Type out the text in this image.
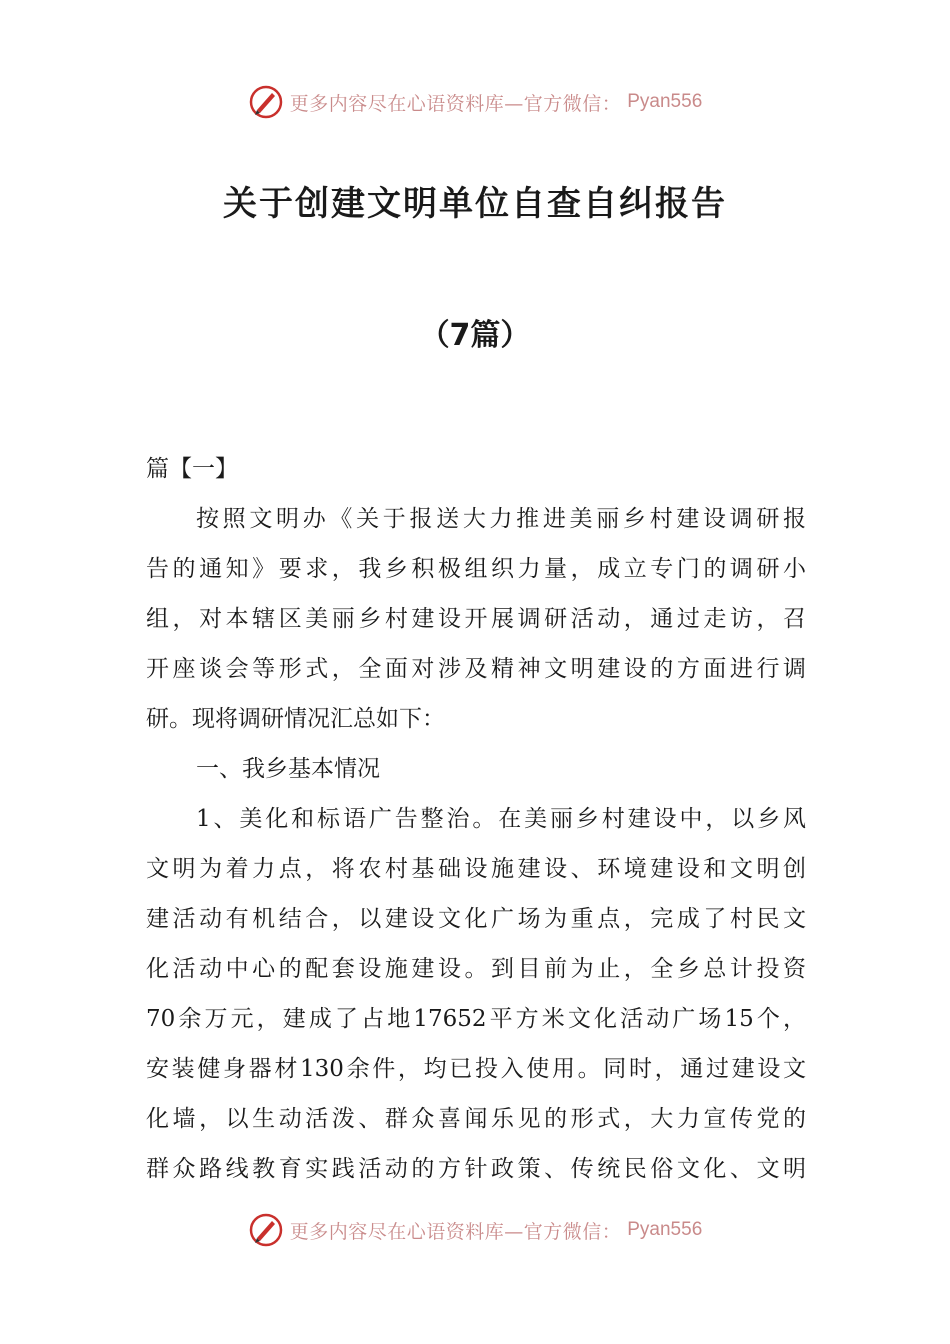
更多内容尽在心语资料库—官方微信： Pyan556
关于创建文明单位自查自纠报告
（7篇）
篇【一】
按照文明办《关于报送大力推进美丽乡村建设调研报
告的通知》要求，我乡积极组织力量，成立专门的调研小
组，对本辖区美丽乡村建设开展调研活动，通过走访，召
开座谈会等形式，全面对涉及精神文明建设的方面进行调
研。现将调研情况汇总如下：
一、我乡基本情况
1、美化和标语广告整治。在美丽乡村建设中，以乡风
文明为着力点，将农村基础设施建设、环境建设和文明创
建活动有机结合，以建设文化广场为重点，完成了村民文
化活动中心的配套设施建设。到目前为止，全乡总计投资
70余万元，建成了占地17652平方米文化活动广场15个，
安装健身器材130余件，均已投入使用。同时，通过建设文
化墙，以生动活泼、群众喜闻乐见的形式，大力宣传党的
群众路线教育实践活动的方针政策、传统民俗文化、文明
更多内容尽在心语资料库—官方微信： Pyan556
